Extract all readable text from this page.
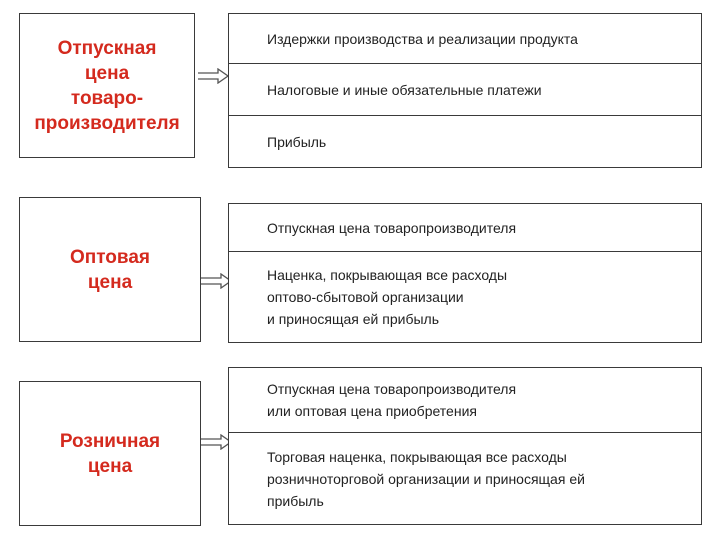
Отпускная
цена
товаро-
производителя
Издержки производства и реализации продукта
Налоговые и иные обязательные платежи
Прибыль
Оптовая
цена
Отпускная цена товаропроизводителя
Наценка, покрывающая все расходы
оптово-сбытовой организации
и приносящая ей прибыль
Розничная
цена
Отпускная цена товаропроизводителя
или оптовая цена приобретения
Торговая наценка, покрывающая все расходы
розничноторговой организации и приносящая ей
прибыль
